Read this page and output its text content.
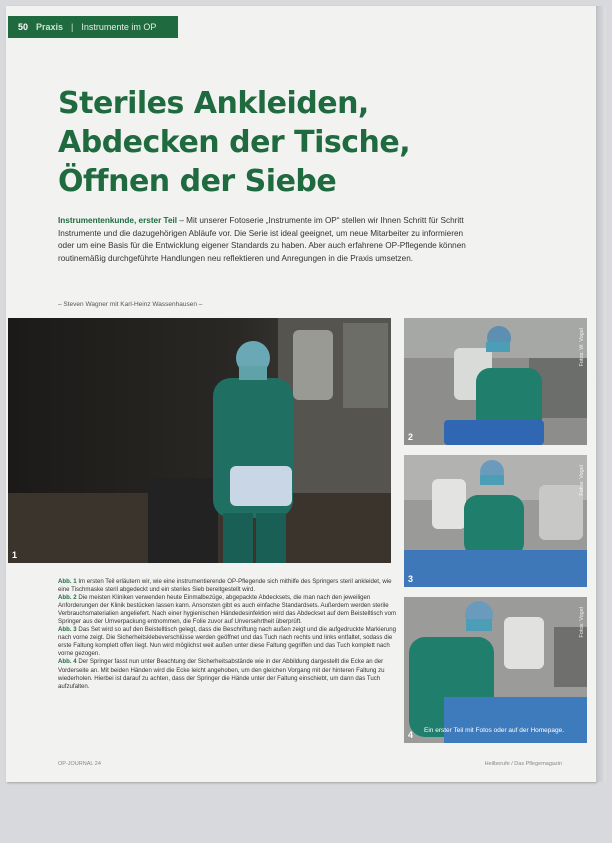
50 Praxis | Instrumente im OP
Steriles Ankleiden,
Abdecken der Tische,
Öffnen der Siebe

Instrumentenkunde, erster Teil – Mit unserer Fotoserie „Instrumente im OP“ stellen wir Ihnen Schritt für Schritt Instrumente und die dazugehörigen Abläufe vor. Die Serie ist ideal geeignet, um neue Mitarbeiter zu informieren oder um eine Basis für die Entwicklung eigener Standards zu haben. Aber auch erfahrene OP-Pflegende können routinemäßig durchgeführte Handlungen neu reflektieren und Anregungen in die Praxis umsetzen.

– Steven Wagner mit Karl-Heinz Wassenhausen –
1
Fotos: W. Vogel
2
Fotos: Vogel
3
Fotos: Vogel
Ein erster Teil mit Fotos oder auf der Homepage.
4

Abb. 1 Im ersten Teil erläutern wir, wie eine instrumentierende OP-Pflegende sich mithilfe des Springers steril ankleidet, wie eine Tischmaske steril abgedeckt und ein steriles Sieb bereitgestellt wird.

Abb. 2 Die meisten Kliniken verwenden heute Einmalbezüge, abgepackte Abdecksets, die man nach den jeweiligen Anforderungen der Klinik bestücken lassen kann. Ansonsten gibt es auch einfache Standardsets. Außerdem werden sterile Verbrauchsmaterialien angeliefert. Nach einer hygienischen Händedesinfektion wird das Abdeckset auf dem Beistelltisch vom Springer aus der Umverpackung entnommen, die Folie zuvor auf Unversehrtheit überprüft.

Abb. 3 Das Set wird so auf den Beistelltisch gelegt, dass die Beschriftung nach außen zeigt und die aufgedruckte Markierung nach vorne zeigt. Die Sicherheitsklebeverschlüsse werden geöffnet und das Tuch nach rechts und links entfaltet, sodass die erste Faltung komplett offen liegt. Nun wird möglichst weit außen unter diese Faltung gegriffen und das Tuch komplett nach vorne gezogen.

Abb. 4 Der Springer fasst nun unter Beachtung der Sicherheitsabstände wie in der Abbildung dargestellt die Ecke an der Vorderseite an. Mit beiden Händen wird die Ecke leicht angehoben, um den gleichen Vorgang mit der hinteren Faltung zu wiederholen. Hierbei ist darauf zu achten, dass der Springer die Hände unter der Faltung einschiebt, um dann das Tuch aufzufalten.

OP-JOURNAL 24	Heilberufe / Das Pflegemagazin
